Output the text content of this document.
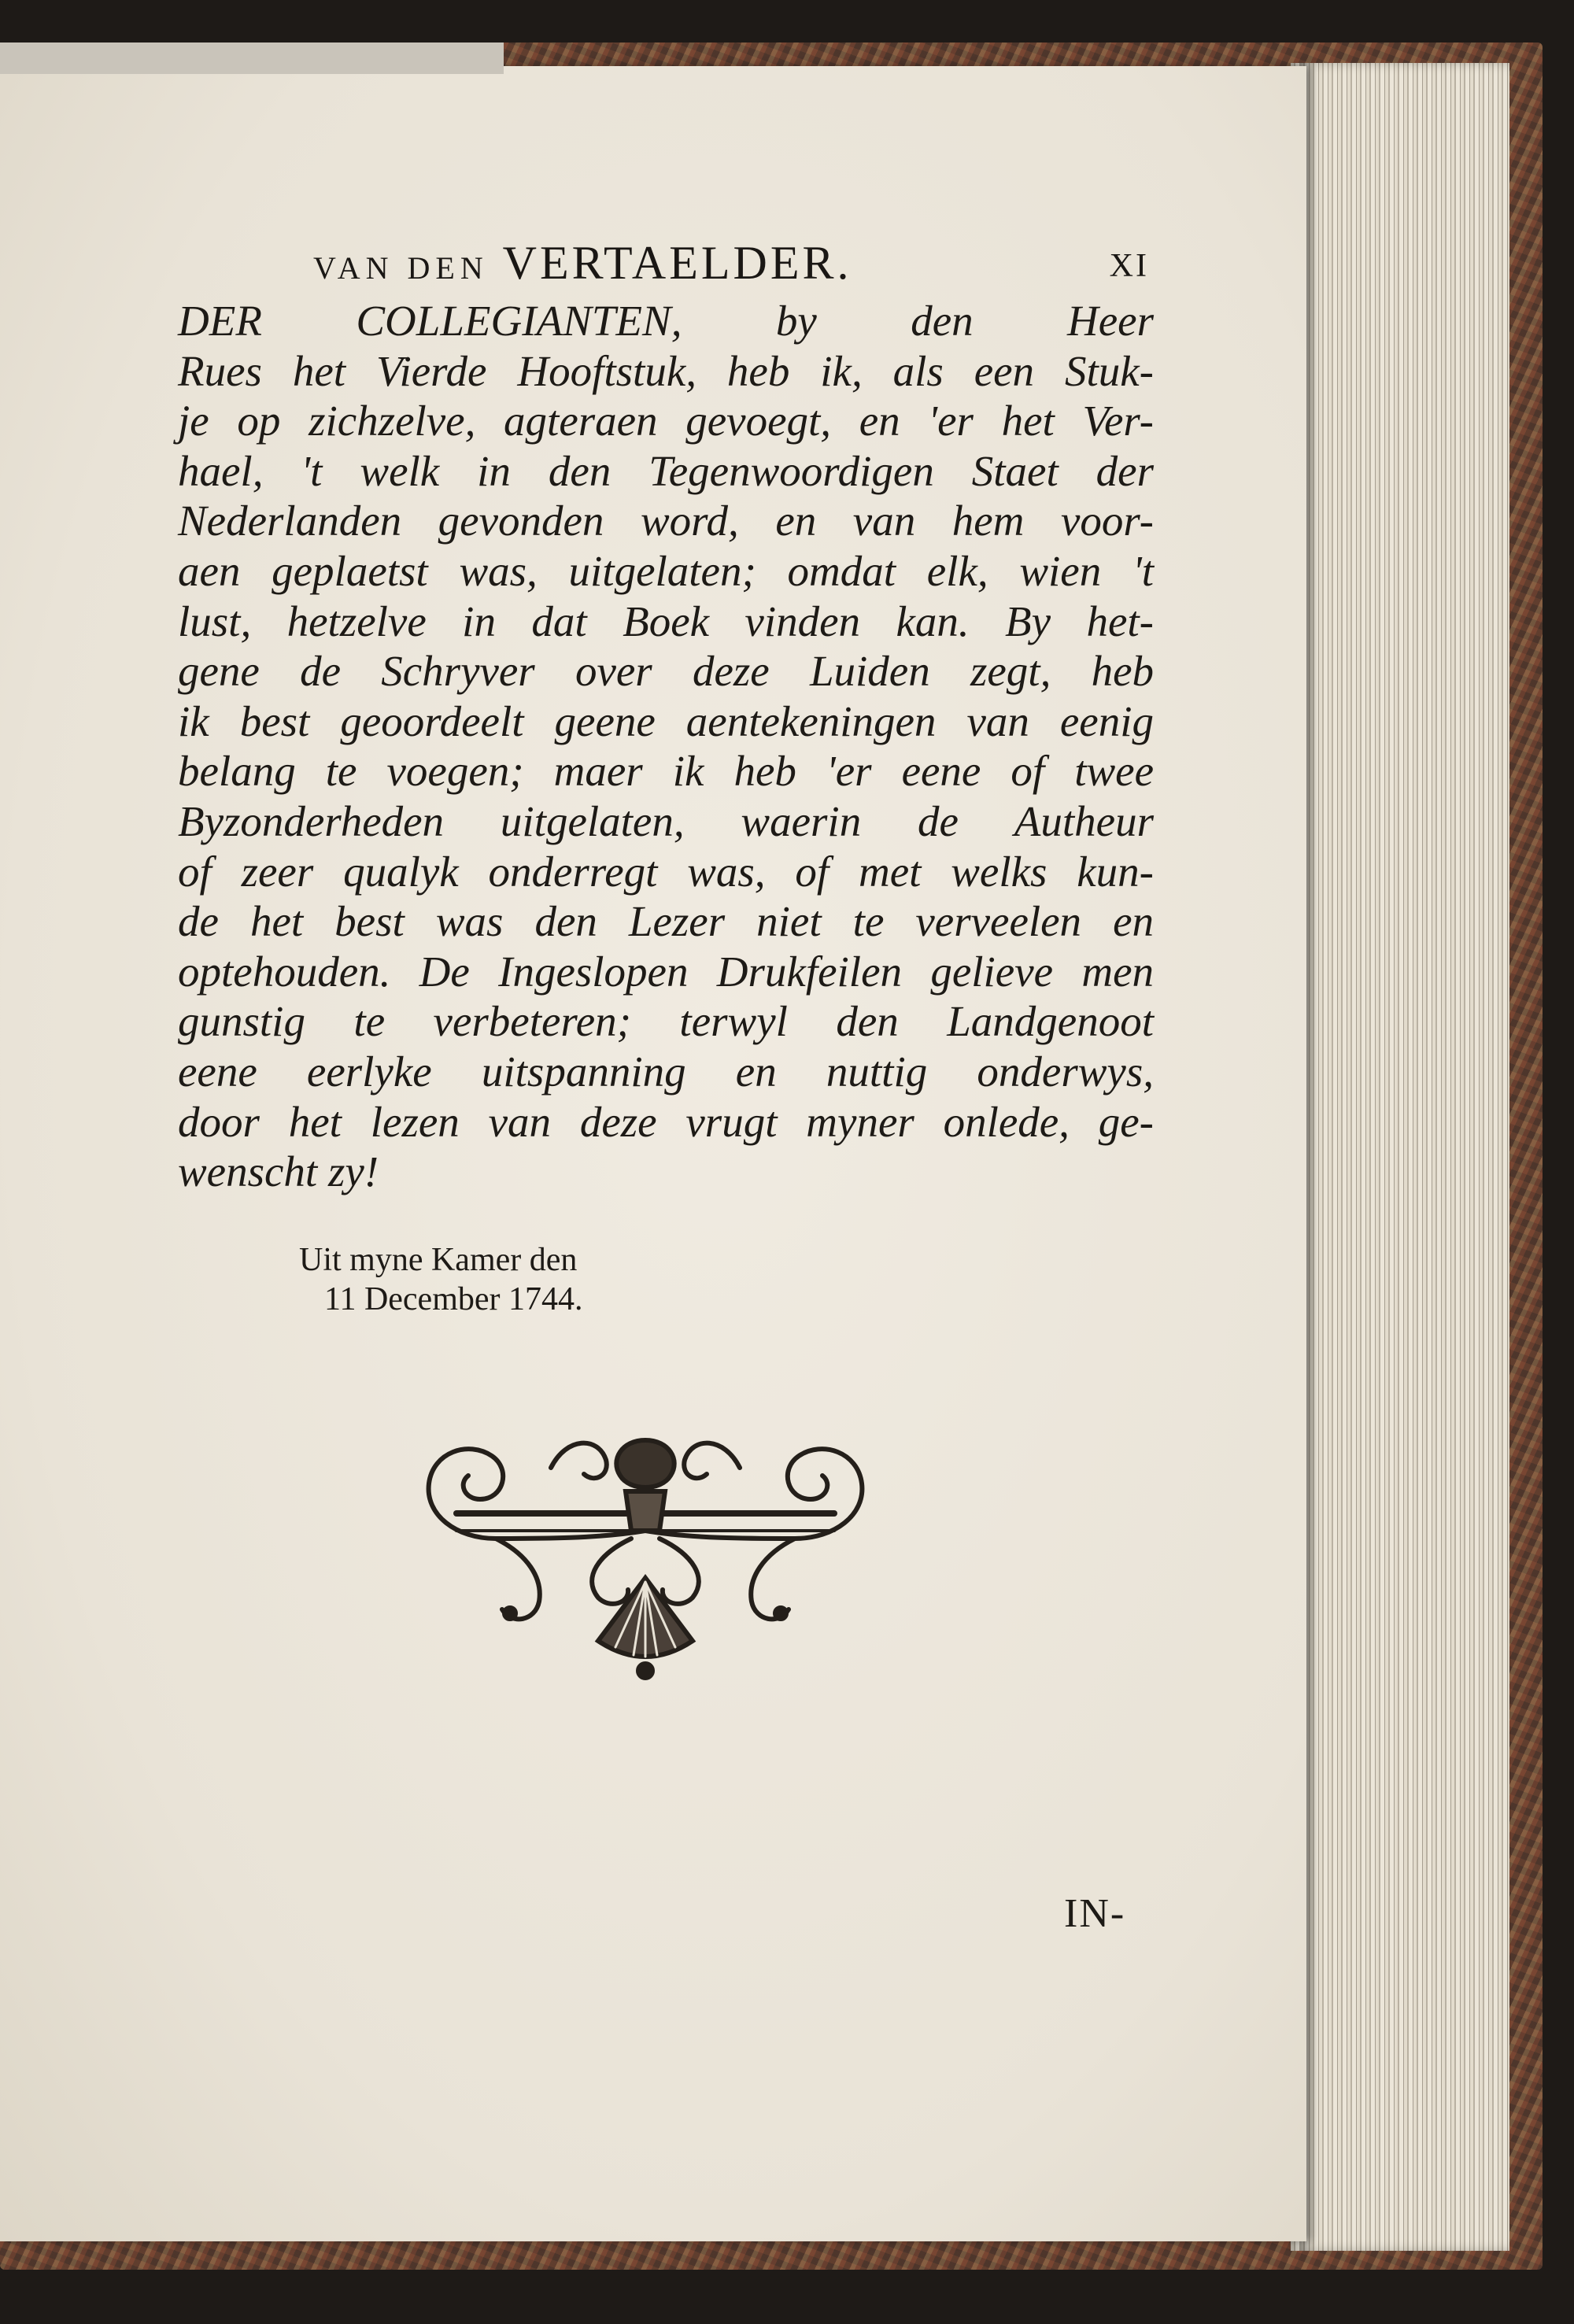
VAN DEN VERTAELDER.	XI
DER COLLEGIANTEN, by den Heer
Rues het Vierde Hooftstuk, heb ik, als een Stuk-
je op zichzelve, agteraen gevoegt, en 'er het Ver-
hael, 't welk in den Tegenwoordigen Staet der
Nederlanden gevonden word, en van hem voor-
aen geplaetst was, uitgelaten; omdat elk, wien 't
lust, hetzelve in dat Boek vinden kan. By het-
gene de Schryver over deze Luiden zegt, heb
ik best geoordeelt geene aentekeningen van eenig
belang te voegen; maer ik heb 'er eene of twee
Byzonderheden uitgelaten, waerin de Autheur
of zeer qualyk onderregt was, of met welks kun-
de het best was den Lezer niet te verveelen en
optehouden. De Ingeslopen Drukfeilen gelieve men
gunstig te verbeteren; terwyl den Landgenoot
eene eerlyke uitspanning en nuttig onderwys,
door het lezen van deze vrugt myner onlede, ge-
wenscht zy!
Uit myne Kamer den
11 December 1744.
IN-
